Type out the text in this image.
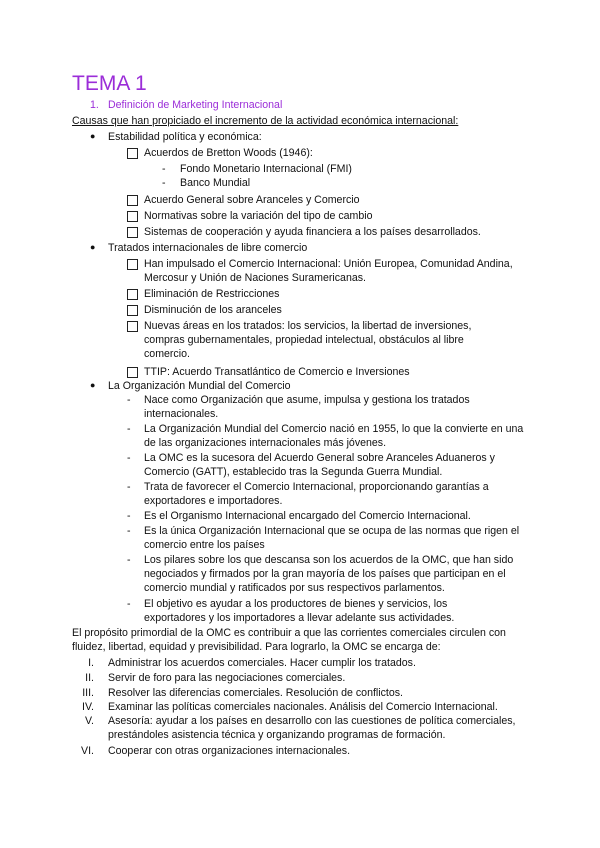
TEMA 1
1. Definición de Marketing Internacional
Causas que han propiciado el incremento de la actividad económica internacional:
● Estabilidad política y económica:
Acuerdos de Bretton Woods (1946):
- Fondo Monetario Internacional (FMI)
- Banco Mundial
Acuerdo General sobre Aranceles y Comercio
Normativas sobre la variación del tipo de cambio
Sistemas de cooperación y ayuda financiera a los países desarrollados.
● Tratados internacionales de libre comercio
Han impulsado el Comercio Internacional: Unión Europea, Comunidad Andina, Mercosur y Unión de Naciones Suramericanas.
Eliminación de Restricciones
Disminución de los aranceles
Nuevas áreas en los tratados: los servicios, la libertad de inversiones, compras gubernamentales, propiedad intelectual, obstáculos al libre comercio.
TTIP: Acuerdo Transatlántico de Comercio e Inversiones
● La Organización Mundial del Comercio
- Nace como Organización que asume, impulsa y gestiona los tratados internacionales.
- La Organización Mundial del Comercio nació en 1955, lo que la convierte en una de las organizaciones internacionales más jóvenes.
- La OMC es la sucesora del Acuerdo General sobre Aranceles Aduaneros y Comercio (GATT), establecido tras la Segunda Guerra Mundial.
- Trata de favorecer el Comercio Internacional, proporcionando garantías a exportadores e importadores.
- Es el Organismo Internacional encargado del Comercio Internacional.
- Es la única Organización Internacional que se ocupa de las normas que rigen el comercio entre los países
- Los pilares sobre los que descansa son los acuerdos de la OMC, que han sido negociados y firmados por la gran mayoría de los países que participan en el comercio mundial y ratificados por sus respectivos parlamentos.
- El objetivo es ayudar a los productores de bienes y servicios, los exportadores y los importadores a llevar adelante sus actividades.
El propósito primordial de la OMC es contribuir a que las corrientes comerciales circulen con fluidez, libertad, equidad y previsibilidad. Para lograrlo, la OMC se encarga de:
I. Administrar los acuerdos comerciales. Hacer cumplir los tratados.
II. Servir de foro para las negociaciones comerciales.
III. Resolver las diferencias comerciales. Resolución de conflictos.
IV. Examinar las políticas comerciales nacionales. Análisis del Comercio Internacional.
V. Asesoría: ayudar a los países en desarrollo con las cuestiones de política comerciales, prestándoles asistencia técnica y organizando programas de formación.
VI. Cooperar con otras organizaciones internacionales.
